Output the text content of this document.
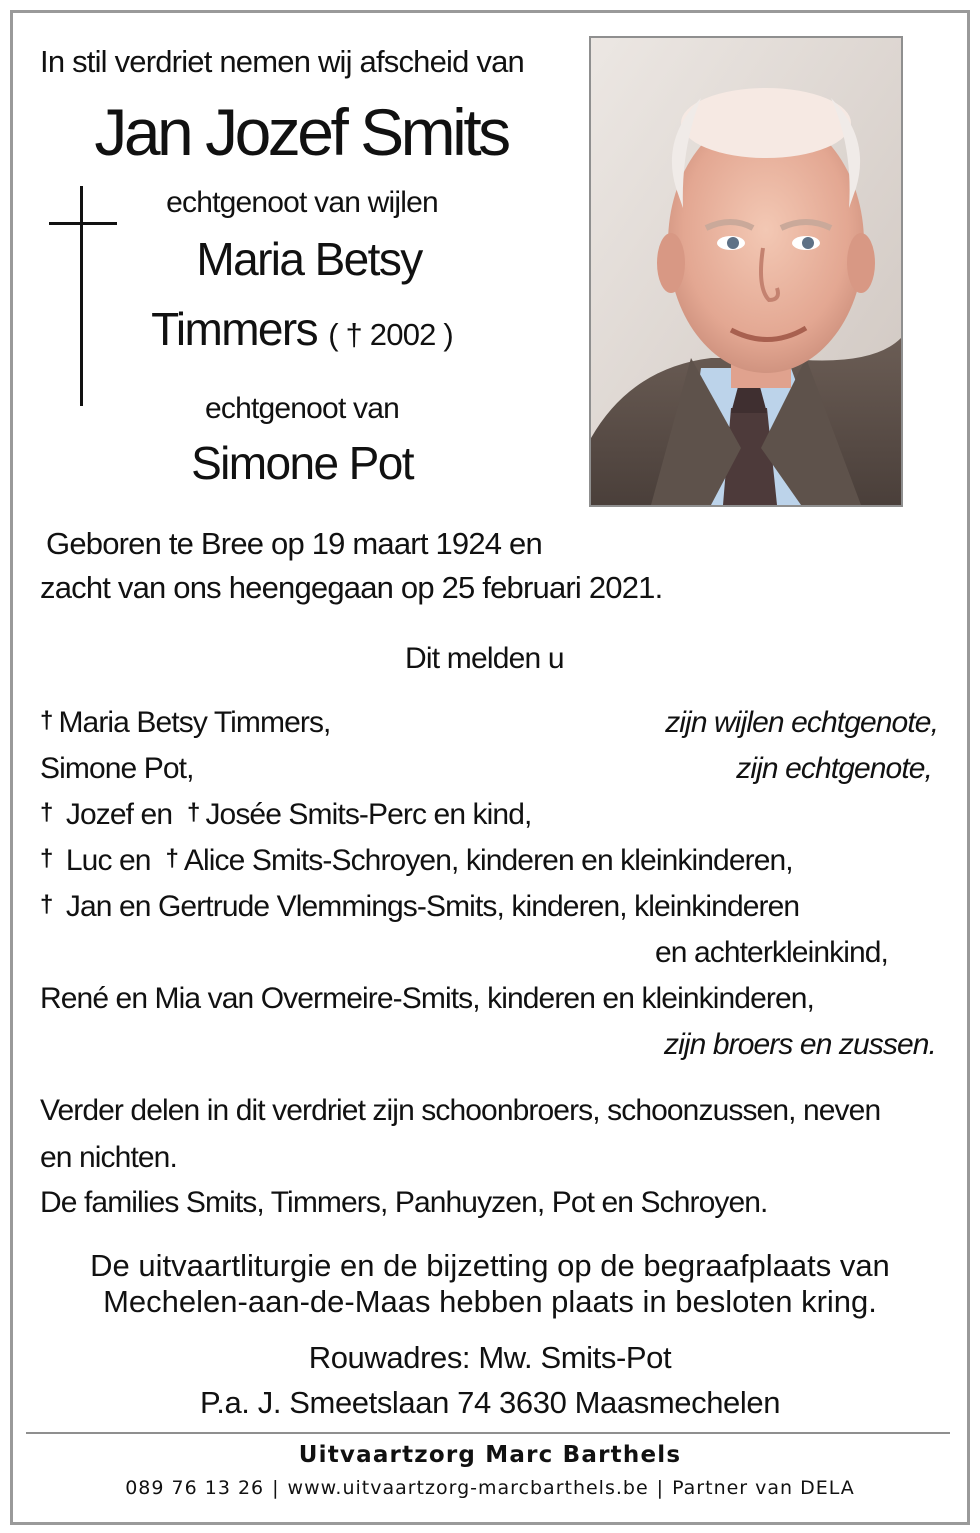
In stil verdriet nemen wij afscheid van
Jan Jozef Smits
echtgenoot van wijlen
Maria Betsy
Timmers ( † 2002 )
echtgenoot van
Simone Pot
Geboren te Bree op 19 maart 1924 en
zacht van ons heengegaan op 25 februari 2021.
Dit melden u
† Maria Betsy Timmers,	zijn wijlen echtgenote,
Simone Pot,	zijn echtgenote,
† Jozef en † Josée Smits-Perc en kind,
† Luc en † Alice Smits-Schroyen, kinderen en kleinkinderen,
† Jan en Gertrude Vlemmings-Smits, kinderen, kleinkinderen
en achterkleinkind,
René en Mia van Overmeire-Smits, kinderen en kleinkinderen,
zijn broers en zussen.
Verder delen in dit verdriet zijn schoonbroers, schoonzussen, neven
en nichten.
De families Smits, Timmers, Panhuyzen, Pot en Schroyen.
De uitvaartliturgie en de bijzetting op de begraafplaats van
Mechelen-aan-de-Maas hebben plaats in besloten kring.
Rouwadres: Mw. Smits-Pot
P.a. J. Smeetslaan 74 3630 Maasmechelen
Uitvaartzorg Marc Barthels
089 76 13 26 | www.uitvaartzorg-marcbarthels.be | Partner van DELA
